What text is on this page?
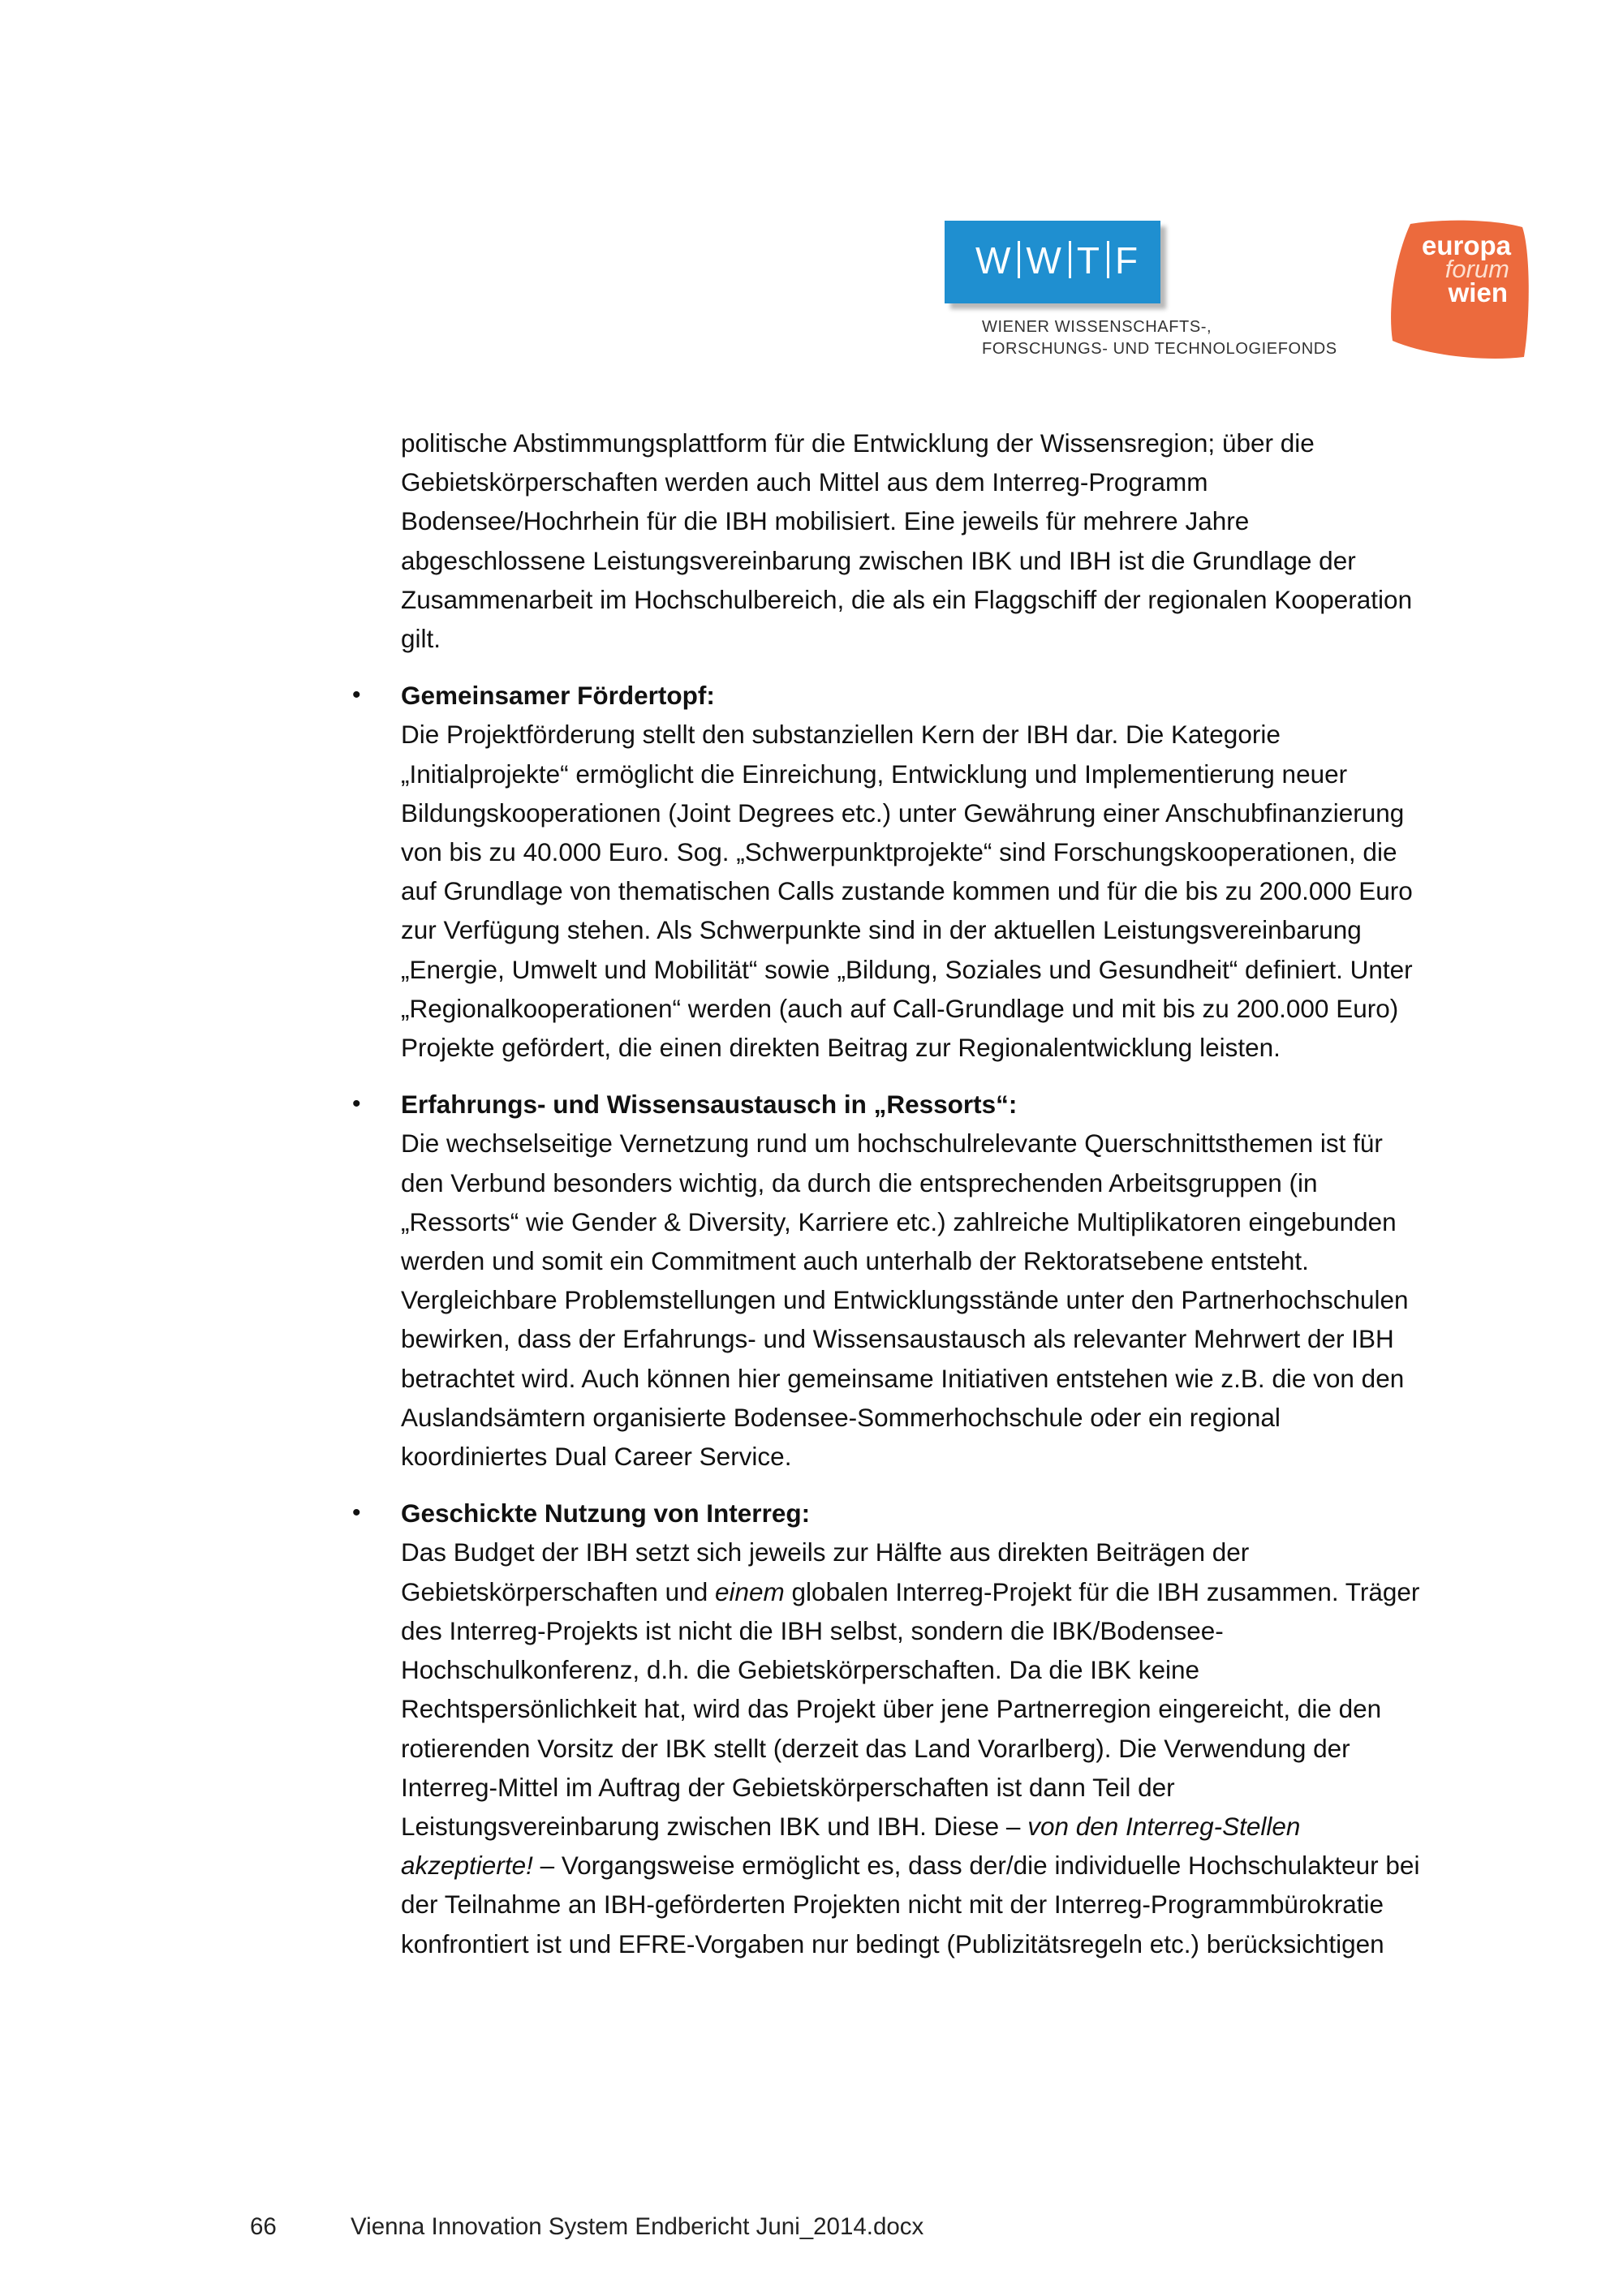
W W T F
WIENER WISSENSCHAFTS-,
FORSCHUNGS- UND TECHNOLOGIEFONDS
europa
forum
wien

politische Abstimmungsplattform für die Entwicklung der Wissensregion; über die

Gebietskörperschaften werden auch Mittel aus dem Interreg-Programm

Bodensee/Hochrhein für die IBH mobilisiert. Eine jeweils für mehrere Jahre

abgeschlossene Leistungsvereinbarung zwischen IBK und IBH ist die Grundlage der

Zusammenarbeit im Hochschulbereich, die als ein Flaggschiff der regionalen Kooperation

gilt.

• Gemeinsamer Fördertopf:

Die Projektförderung stellt den substanziellen Kern der IBH dar. Die Kategorie

„Initialprojekte“ ermöglicht die Einreichung, Entwicklung und Implementierung neuer

Bildungskooperationen (Joint Degrees etc.) unter Gewährung einer Anschubfinanzierung

von bis zu 40.000 Euro. Sog. „Schwerpunktprojekte“ sind Forschungskooperationen, die

auf Grundlage von thematischen Calls zustande kommen und für die bis zu 200.000 Euro

zur Verfügung stehen. Als Schwerpunkte sind in der aktuellen Leistungsvereinbarung

„Energie, Umwelt und Mobilität“ sowie „Bildung, Soziales und Gesundheit“ definiert. Unter

„Regionalkooperationen“ werden (auch auf Call-Grundlage und mit bis zu 200.000 Euro)

Projekte gefördert, die einen direkten Beitrag zur Regionalentwicklung leisten.

• Erfahrungs- und Wissensaustausch in „Ressorts“:

Die wechselseitige Vernetzung rund um hochschulrelevante Querschnittsthemen ist für

den Verbund besonders wichtig, da durch die entsprechenden Arbeitsgruppen (in

„Ressorts“ wie Gender & Diversity, Karriere etc.) zahlreiche Multiplikatoren eingebunden

werden und somit ein Commitment auch unterhalb der Rektoratsebene entsteht.

Vergleichbare Problemstellungen und Entwicklungsstände unter den Partnerhochschulen

bewirken, dass der Erfahrungs- und Wissensaustausch als relevanter Mehrwert der IBH

betrachtet wird. Auch können hier gemeinsame Initiativen entstehen wie z.B. die von den

Auslandsämtern organisierte Bodensee-Sommerhochschule oder ein regional

koordiniertes Dual Career Service.

• Geschickte Nutzung von Interreg:

Das Budget der IBH setzt sich jeweils zur Hälfte aus direkten Beiträgen der

Gebietskörperschaften und einem globalen Interreg-Projekt für die IBH zusammen. Träger

des Interreg-Projekts ist nicht die IBH selbst, sondern die IBK/Bodensee-

Hochschulkonferenz, d.h. die Gebietskörperschaften. Da die IBK keine

Rechtspersönlichkeit hat, wird das Projekt über jene Partnerregion eingereicht, die den

rotierenden Vorsitz der IBK stellt (derzeit das Land Vorarlberg). Die Verwendung der

Interreg-Mittel im Auftrag der Gebietskörperschaften ist dann Teil der

Leistungsvereinbarung zwischen IBK und IBH. Diese – von den Interreg-Stellen

akzeptierte! – Vorgangsweise ermöglicht es, dass der/die individuelle Hochschulakteur bei

der Teilnahme an IBH-geförderten Projekten nicht mit der Interreg-Programmbürokratie

konfrontiert ist und EFRE-Vorgaben nur bedingt (Publizitätsregeln etc.) berücksichtigen

66	Vienna Innovation System Endbericht Juni_2014.docx
